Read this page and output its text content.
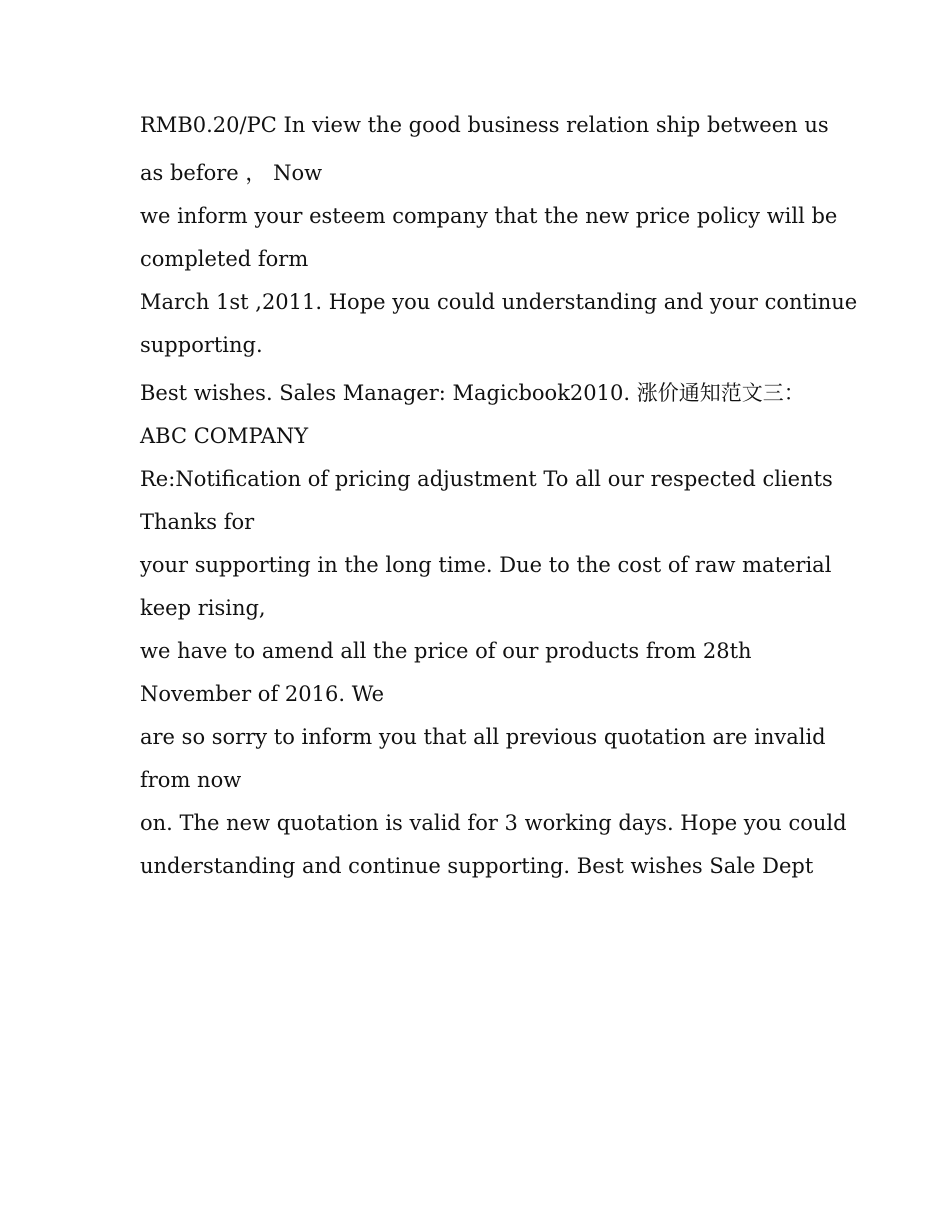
RMB0.20/PC In view the good business relation ship between us
as before ， Now
we inform your esteem company that the new price policy will be
completed form
March 1st ,2011. Hope you could understanding and your continue
supporting.
Best wishes. Sales Manager: Magicbook2010. 涨价通知范文三：
ABC COMPANY
Re:Notification of pricing adjustment To all our respected clients
Thanks for
your supporting in the long time. Due to the cost of raw material
keep rising,
we have to amend all the price of our products from 28th
November of 2016. We
are so sorry to inform you that all previous quotation are invalid
from now
on. The new quotation is valid for 3 working days. Hope you could
understanding and continue supporting. Best wishes Sale Dept
